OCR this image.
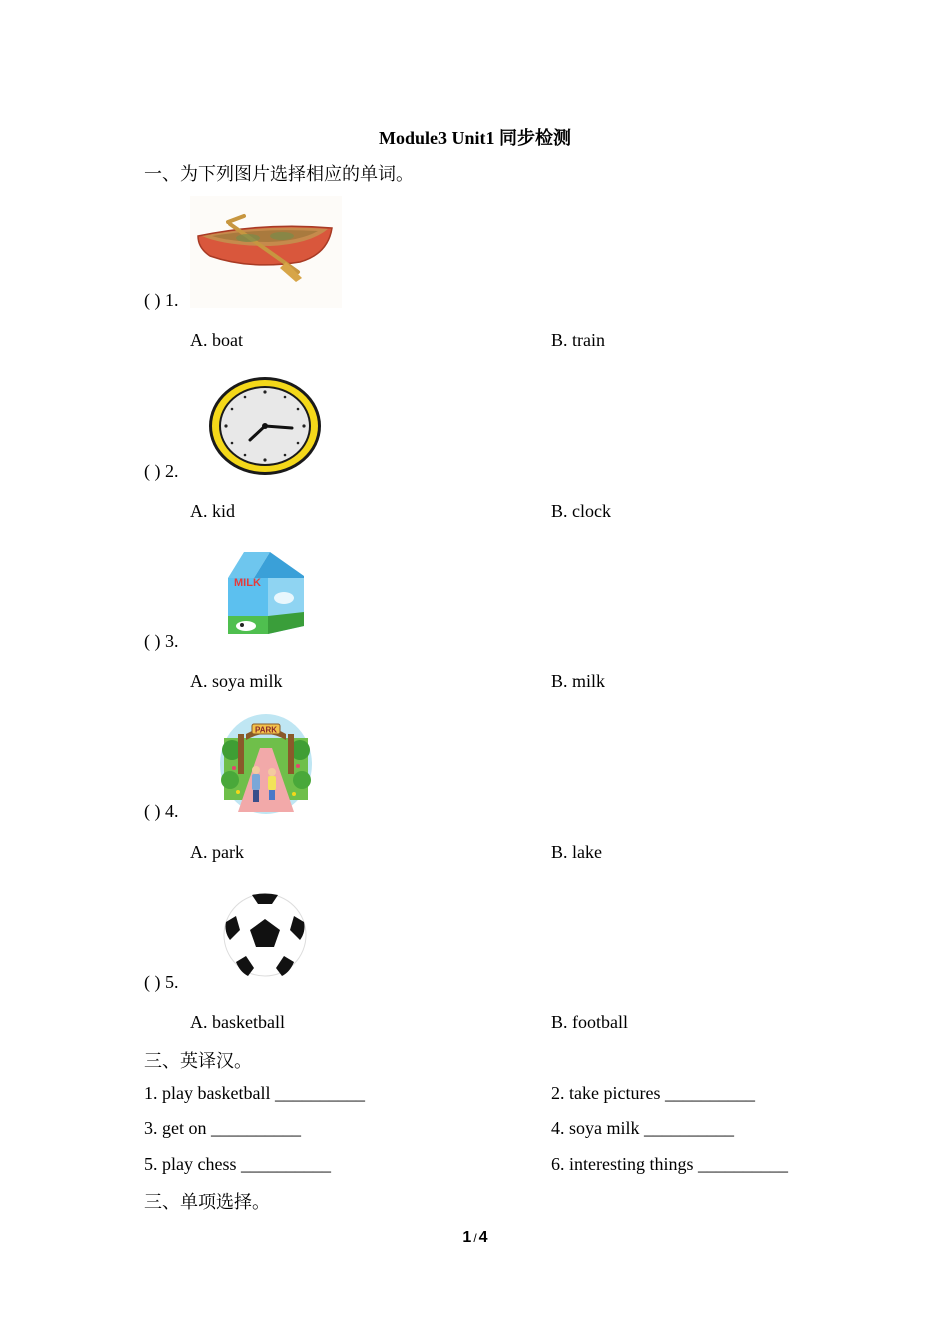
Module3 Unit1 同步检测
一、为下列图片选择相应的单词。
( ) 1.
A. boat	B. train
( ) 2.
A. kid	B. clock
MILK
( ) 3.
A. soya milk	B. milk
PARK
( ) 4.
A. park	B. lake
( ) 5.
A. basketball	B. football
三、英译汉。
1. play basketball __________	2. take pictures __________
3. get on __________	4. soya milk __________
5. play chess __________	6. interesting things __________
三、单项选择。
1 / 4
